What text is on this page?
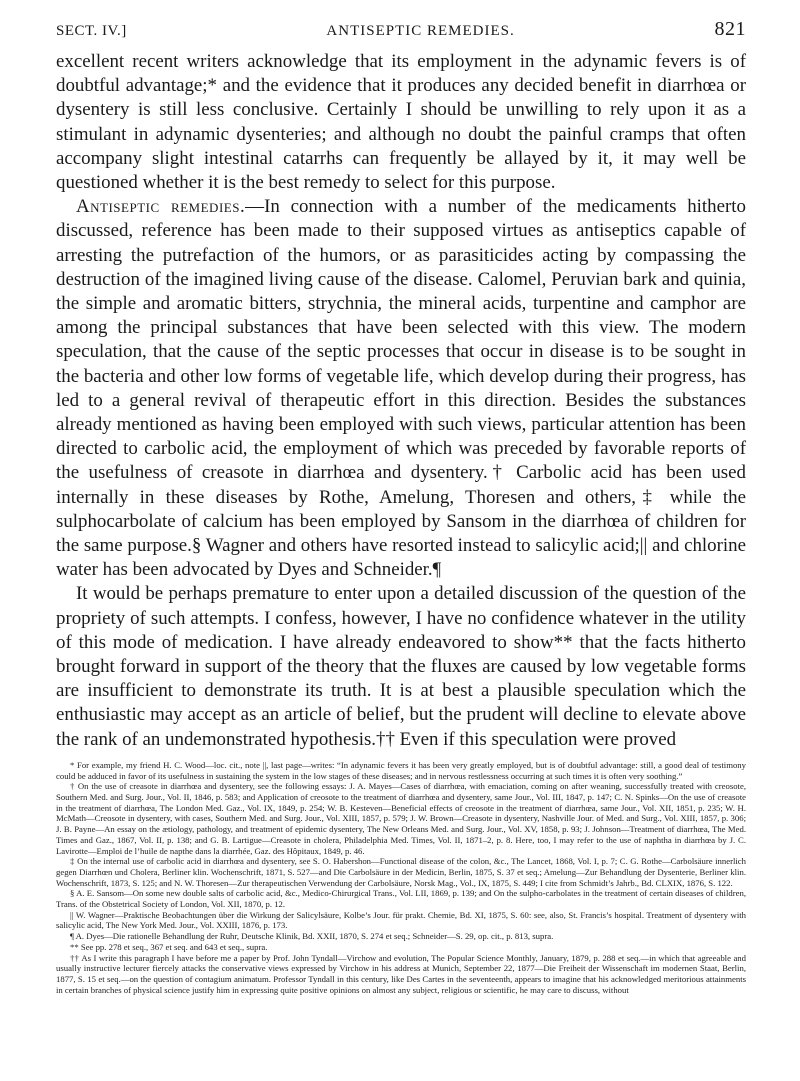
SECT. IV.]	ANTISEPTIC REMEDIES.	821

excellent recent writers acknowledge that its employment in the adynamic fevers is of doubtful advantage;* and the evidence that it produces any decided benefit in diarrhœa or dysentery is still less conclusive. Certainly I should be unwilling to rely upon it as a stimulant in adynamic dysenteries; and although no doubt the painful cramps that often accompany slight intestinal catarrhs can frequently be allayed by it, it may well be questioned whether it is the best remedy to select for this purpose.

Antiseptic remedies.—In connection with a number of the medicaments hitherto discussed, reference has been made to their supposed virtues as antiseptics capable of arresting the putrefaction of the humors, or as parasiticides acting by compassing the destruction of the imagined living cause of the disease. Calomel, Peruvian bark and quinia, the simple and aromatic bitters, strychnia, the mineral acids, turpentine and camphor are among the principal substances that have been selected with this view. The modern speculation, that the cause of the septic processes that occur in disease is to be sought in the bacteria and other low forms of vegetable life, which develop during their progress, has led to a general revival of therapeutic effort in this direction. Besides the substances already mentioned as having been employed with such views, particular attention has been directed to carbolic acid, the employment of which was preceded by favorable reports of the usefulness of creasote in diarrhœa and dysentery.† Carbolic acid has been used internally in these diseases by Rothe, Amelung, Thoresen and others,‡ while the sulphocarbolate of calcium has been employed by Sansom in the diarrhœa of children for the same purpose.§ Wagner and others have resorted instead to salicylic acid;|| and chlorine water has been advocated by Dyes and Schneider.¶

It would be perhaps premature to enter upon a detailed discussion of the question of the propriety of such attempts. I confess, however, I have no confidence whatever in the utility of this mode of medication. I have already endeavored to show** that the facts hitherto brought forward in support of the theory that the fluxes are caused by low vegetable forms are insufficient to demonstrate its truth. It is at best a plausible speculation which the enthusiastic may accept as an article of belief, but the prudent will decline to elevate above the rank of an undemonstrated hypothesis.†† Even if this speculation were proved

* For example, my friend H. C. Wood—loc. cit., note ||, last page—writes: “In adynamic fevers it has been very greatly employed, but is of doubtful advantage: still, a good deal of testimony could be adduced in favor of its usefulness in sustaining the system in the low stages of these diseases; and in nervous restlessness occurring at such times it is often very soothing.”

† On the use of creasote in diarrhœa and dysentery, see the following essays: J. A. Mayes—Cases of diarrhœa, with emaciation, coming on after weaning, successfully treated with creosote, Southern Med. and Surg. Jour., Vol. II, 1846, p. 583; and Application of creosote to the treatment of diarrhœa and dysentery, same Jour., Vol. III, 1847, p. 147; C. N. Spinks—On the use of creasote in the treatment of diarrhœa, The London Med. Gaz., Vol. IX, 1849, p. 254; W. B. Kesteven—Beneficial effects of creosote in the treatment of diarrhœa, same Jour., Vol. XII, 1851, p. 235; W. H. McMath—Creosote in dysentery, with cases, Southern Med. and Surg. Jour., Vol. XIII, 1857, p. 579; J. W. Brown—Creasote in dysentery, Nashville Jour. of Med. and Surg., Vol. XIII, 1857, p. 306; J. B. Payne—An essay on the ætiology, pathology, and treatment of epidemic dysentery, The New Orleans Med. and Surg. Jour., Vol. XV, 1858, p. 93; J. Johnson—Treatment of diarrhœa, The Med. Times and Gaz., 1867, Vol. II, p. 138; and G. B. Lartigue—Creasote in cholera, Philadelphia Med. Times, Vol. II, 1871–2, p. 8. Here, too, I may refer to the use of naphtha in diarrhœa by J. C. Lavirotte—Emploi de l’huile de napthe dans la diarrhée, Gaz. des Hôpitaux, 1849, p. 46.

‡ On the internal use of carbolic acid in diarrhœa and dysentery, see S. O. Habershon—Functional disease of the colon, &c., The Lancet, 1868, Vol. I, p. 7; C. G. Rothe—Carbolsäure innerlich gegen Diarrhœn und Cholera, Berliner klin. Wochenschrift, 1871, S. 527—and Die Carbolsäure in der Medicin, Berlin, 1875, S. 37 et seq.; Amelung—Zur Behandlung der Dysenterie, Berliner klin. Wochenschrift, 1873, S. 125; and N. W. Thoresen—Zur therapeutischen Verwendung der Carbolsäure, Norsk Mag., Vol., IX, 1875, S. 449; I cite from Schmidt’s Jahrb., Bd. CLXIX, 1876, S. 122.

§ A. E. Sansom—On some new double salts of carbolic acid, &c., Medico-Chirurgical Trans., Vol. LII, 1869, p. 139; and On the sulpho-carbolates in the treatment of certain diseases of children, Trans. of the Obstetrical Society of London, Vol. XII, 1870, p. 12.

|| W. Wagner—Praktische Beobachtungen über die Wirkung der Salicylsäure, Kolbe’s Jour. für prakt. Chemie, Bd. XI, 1875, S. 60: see, also, St. Francis’s hospital. Treatment of dysentery with salicylic acid, The New York Med. Jour., Vol. XXIII, 1876, p. 173.

¶ A. Dyes—Die rationelle Behandlung der Ruhr, Deutsche Klinik, Bd. XXII, 1870, S. 274 et seq.; Schneider—S. 29, op. cit., p. 813, supra.

** See pp. 278 et seq., 367 et seq. and 643 et seq., supra.

†† As I write this paragraph I have before me a paper by Prof. John Tyndall—Virchow and evolution, The Popular Science Monthly, January, 1879, p. 288 et seq.—in which that agreeable and usually instructive lecturer fiercely attacks the conservative views expressed by Virchow in his address at Munich, September 22, 1877—Die Freiheit der Wissenschaft im modernen Staat, Berlin, 1877, S. 15 et seq.—on the question of contagium animatum. Professor Tyndall in this century, like Des Cartes in the seventeenth, appears to imagine that his acknowledged meritorious attainments in certain branches of physical science justify him in expressing quite positive opinions on almost any subject, religious or scientific, he may care to discuss, without
